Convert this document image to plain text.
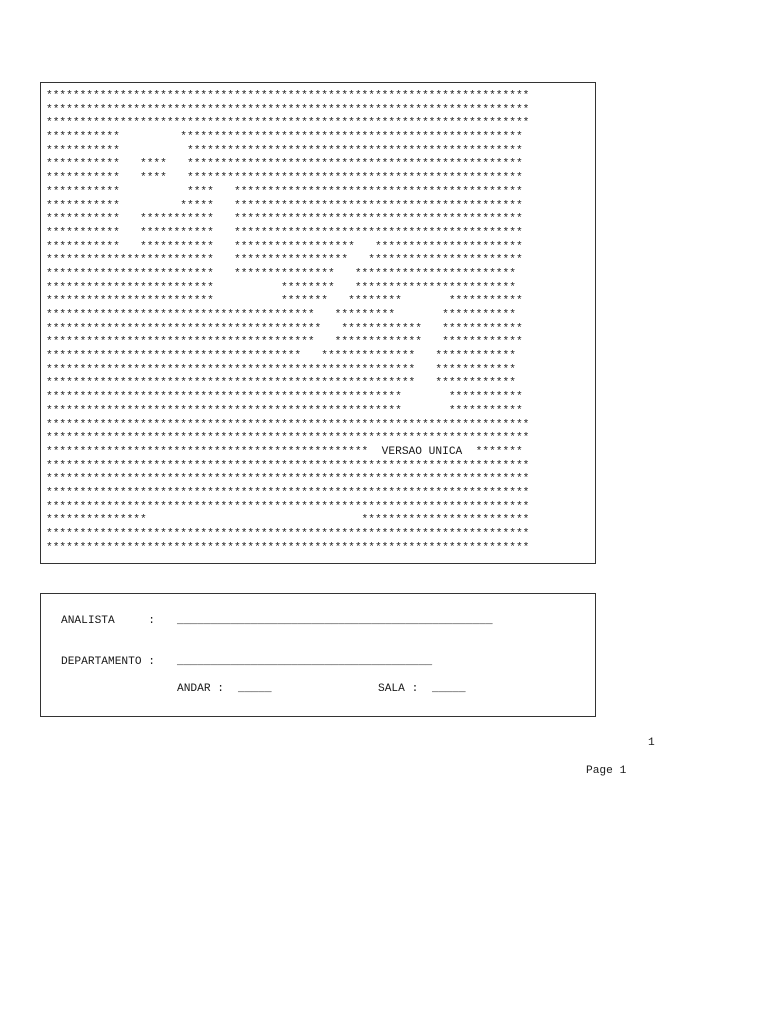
************************************************************************
************************************************************************
************************************************************************
***********         ***************************************************
***********          **************************************************
***********   ****   **************************************************
***********   ****   **************************************************
***********          ****   *******************************************
***********         *****   *******************************************
***********   ***********   *******************************************
***********   ***********   *******************************************
***********   ***********   ******************   **********************
*************************   *****************   ***********************
*************************   ***************   ************************
*************************          ********   ************************
*************************          *******   ********       ***********
****************************************   *********       ***********
*****************************************   ************   ************
****************************************   *************   ************
**************************************   **************   ************
*******************************************************   ************
*******************************************************   ************
*****************************************************       ***********
*****************************************************       ***********
************************************************************************
************************************************************************
************************************************  VERSAO UNICA  *******
************************************************************************
************************************************************************
************************************************************************
************************************************************************
***************                                *************************
************************************************************************
************************************************************************
ANALISTA     : _______________________________________________
DEPARTAMENTO : ______________________________________
ANDAR : _____	SALA : _____
1
Page 1
